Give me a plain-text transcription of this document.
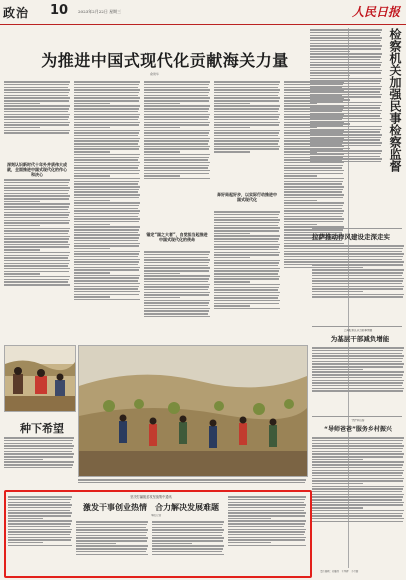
政治 10 2023年2月22日 星期三	人民日报
为推进中国式现代化贡献海关力量
俞建华
深刻认识新时代十年外并质伟大成就，全面推进中国式现代化的作心和决心
锚定“国之大者”，自觉担当起推进中国式现代化的使命
奔好局起好步，以实际行动推进中国式现代化
检察机关加强民事检察监督
拉萨推动作风建设走深走实
上海虹桥区从当前事情做
为基层干部减负增能
守护问山客
“导师爸爸”服务乡村振兴
责任编辑：刘赛真　王登辉　李卫丽
种下希望
坚决打赢脱贫攻坚战集中通讯
激发干事创业热情　合力解决发展难题
本报记者
